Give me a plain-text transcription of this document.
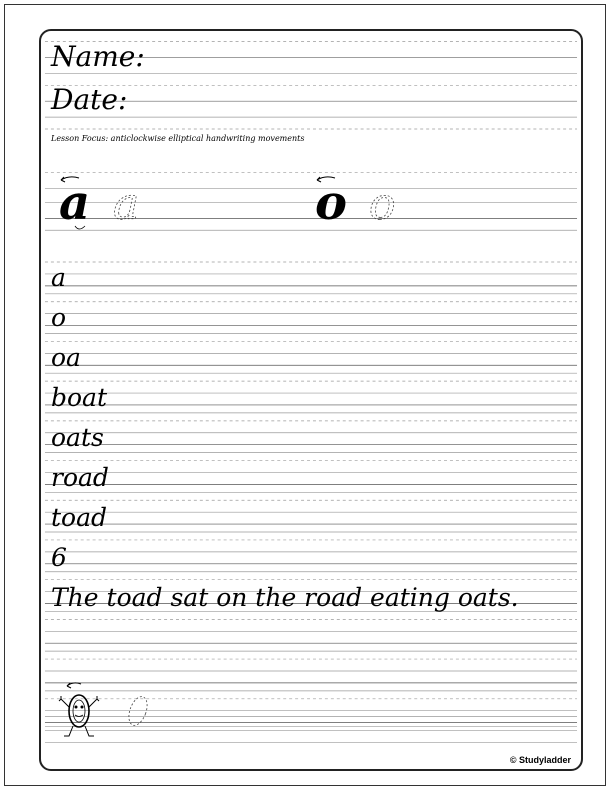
Name:
Date:
Lesson Focus: anticlockwise elliptical handwriting movements
a a	o o
a
o
oa
boat
oats
road
toad
6
The toad sat on the road eating oats.
© Studyladder
